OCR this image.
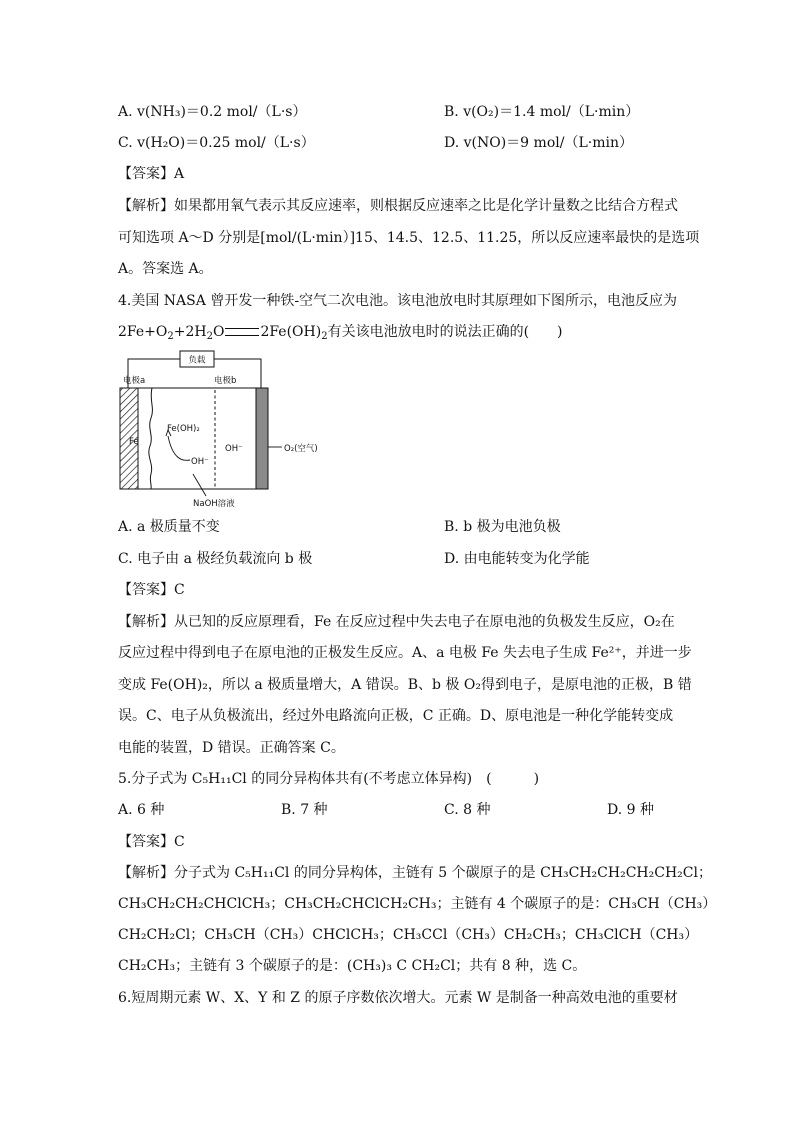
A. v(NH₃)＝0.2 mol/（L·s）	B. v(O₂)＝1.4 mol/（L·min）
C. v(H₂O)＝0.25 mol/（L·s）	D. v(NO)＝9 mol/（L·min）
【答案】A
【解析】如果都用氧气表示其反应速率，则根据反应速率之比是化学计量数之比结合方程式
可知选项 A～D 分别是[mol/(L·min）]15、14.5、12.5、11.25，所以反应速率最快的是选项
A。答案选 A。
4.美国 NASA 曾开发一种铁-空气二次电池。该电池放电时其原理如下图所示，电池反应为
$2Fe+O_2+2H_2O$	$2Fe(OH)_2$有关该电池放电时的说法正确的(　　)
负载
电极a	电极b
Fe(OH)₂
Fe
OH⁻
OH⁻	O₂(空气)
NaOH溶液
A. a 极质量不变	B. b 极为电池负极
C. 电子由 a 极经负载流向 b 极	D. 由电能转变为化学能
【答案】C
【解析】从已知的反应原理看，Fe 在反应过程中失去电子在原电池的负极发生反应，O₂在
反应过程中得到电子在原电池的正极发生反应。A、a 电极 Fe 失去电子生成 Fe²⁺，并进一步
变成 Fe(OH)₂，所以 a 极质量增大，A 错误。B、b 极 O₂得到电子，是原电池的正极，B 错
误。C、电子从负极流出，经过外电路流向正极，C 正确。D、原电池是一种化学能转变成
电能的装置，D 错误。正确答案 C。
5.分子式为 C₅H₁₁Cl 的同分异构体共有(不考虑立体异构)　(　　　)
A. 6 种	B. 7 种	C. 8 种	D. 9 种
【答案】C
【解析】分子式为 C₅H₁₁Cl 的同分异构体，主链有 5 个碳原子的是 CH₃CH₂CH₂CH₂CH₂Cl；
CH₃CH₂CH₂CHClCH₃；CH₃CH₂CHClCH₂CH₃；主链有 4 个碳原子的是：CH₃CH（CH₃）
CH₂CH₂Cl；CH₃CH（CH₃）CHClCH₃；CH₃CCl（CH₃）CH₂CH₃；CH₃ClCH（CH₃）
CH₂CH₃；主链有 3 个碳原子的是：(CH₃)₃ C CH₂Cl；共有 8 种，选 C。
6.短周期元素 W、X、Y 和 Z 的原子序数依次增大。元素 W 是制备一种高效电池的重要材
